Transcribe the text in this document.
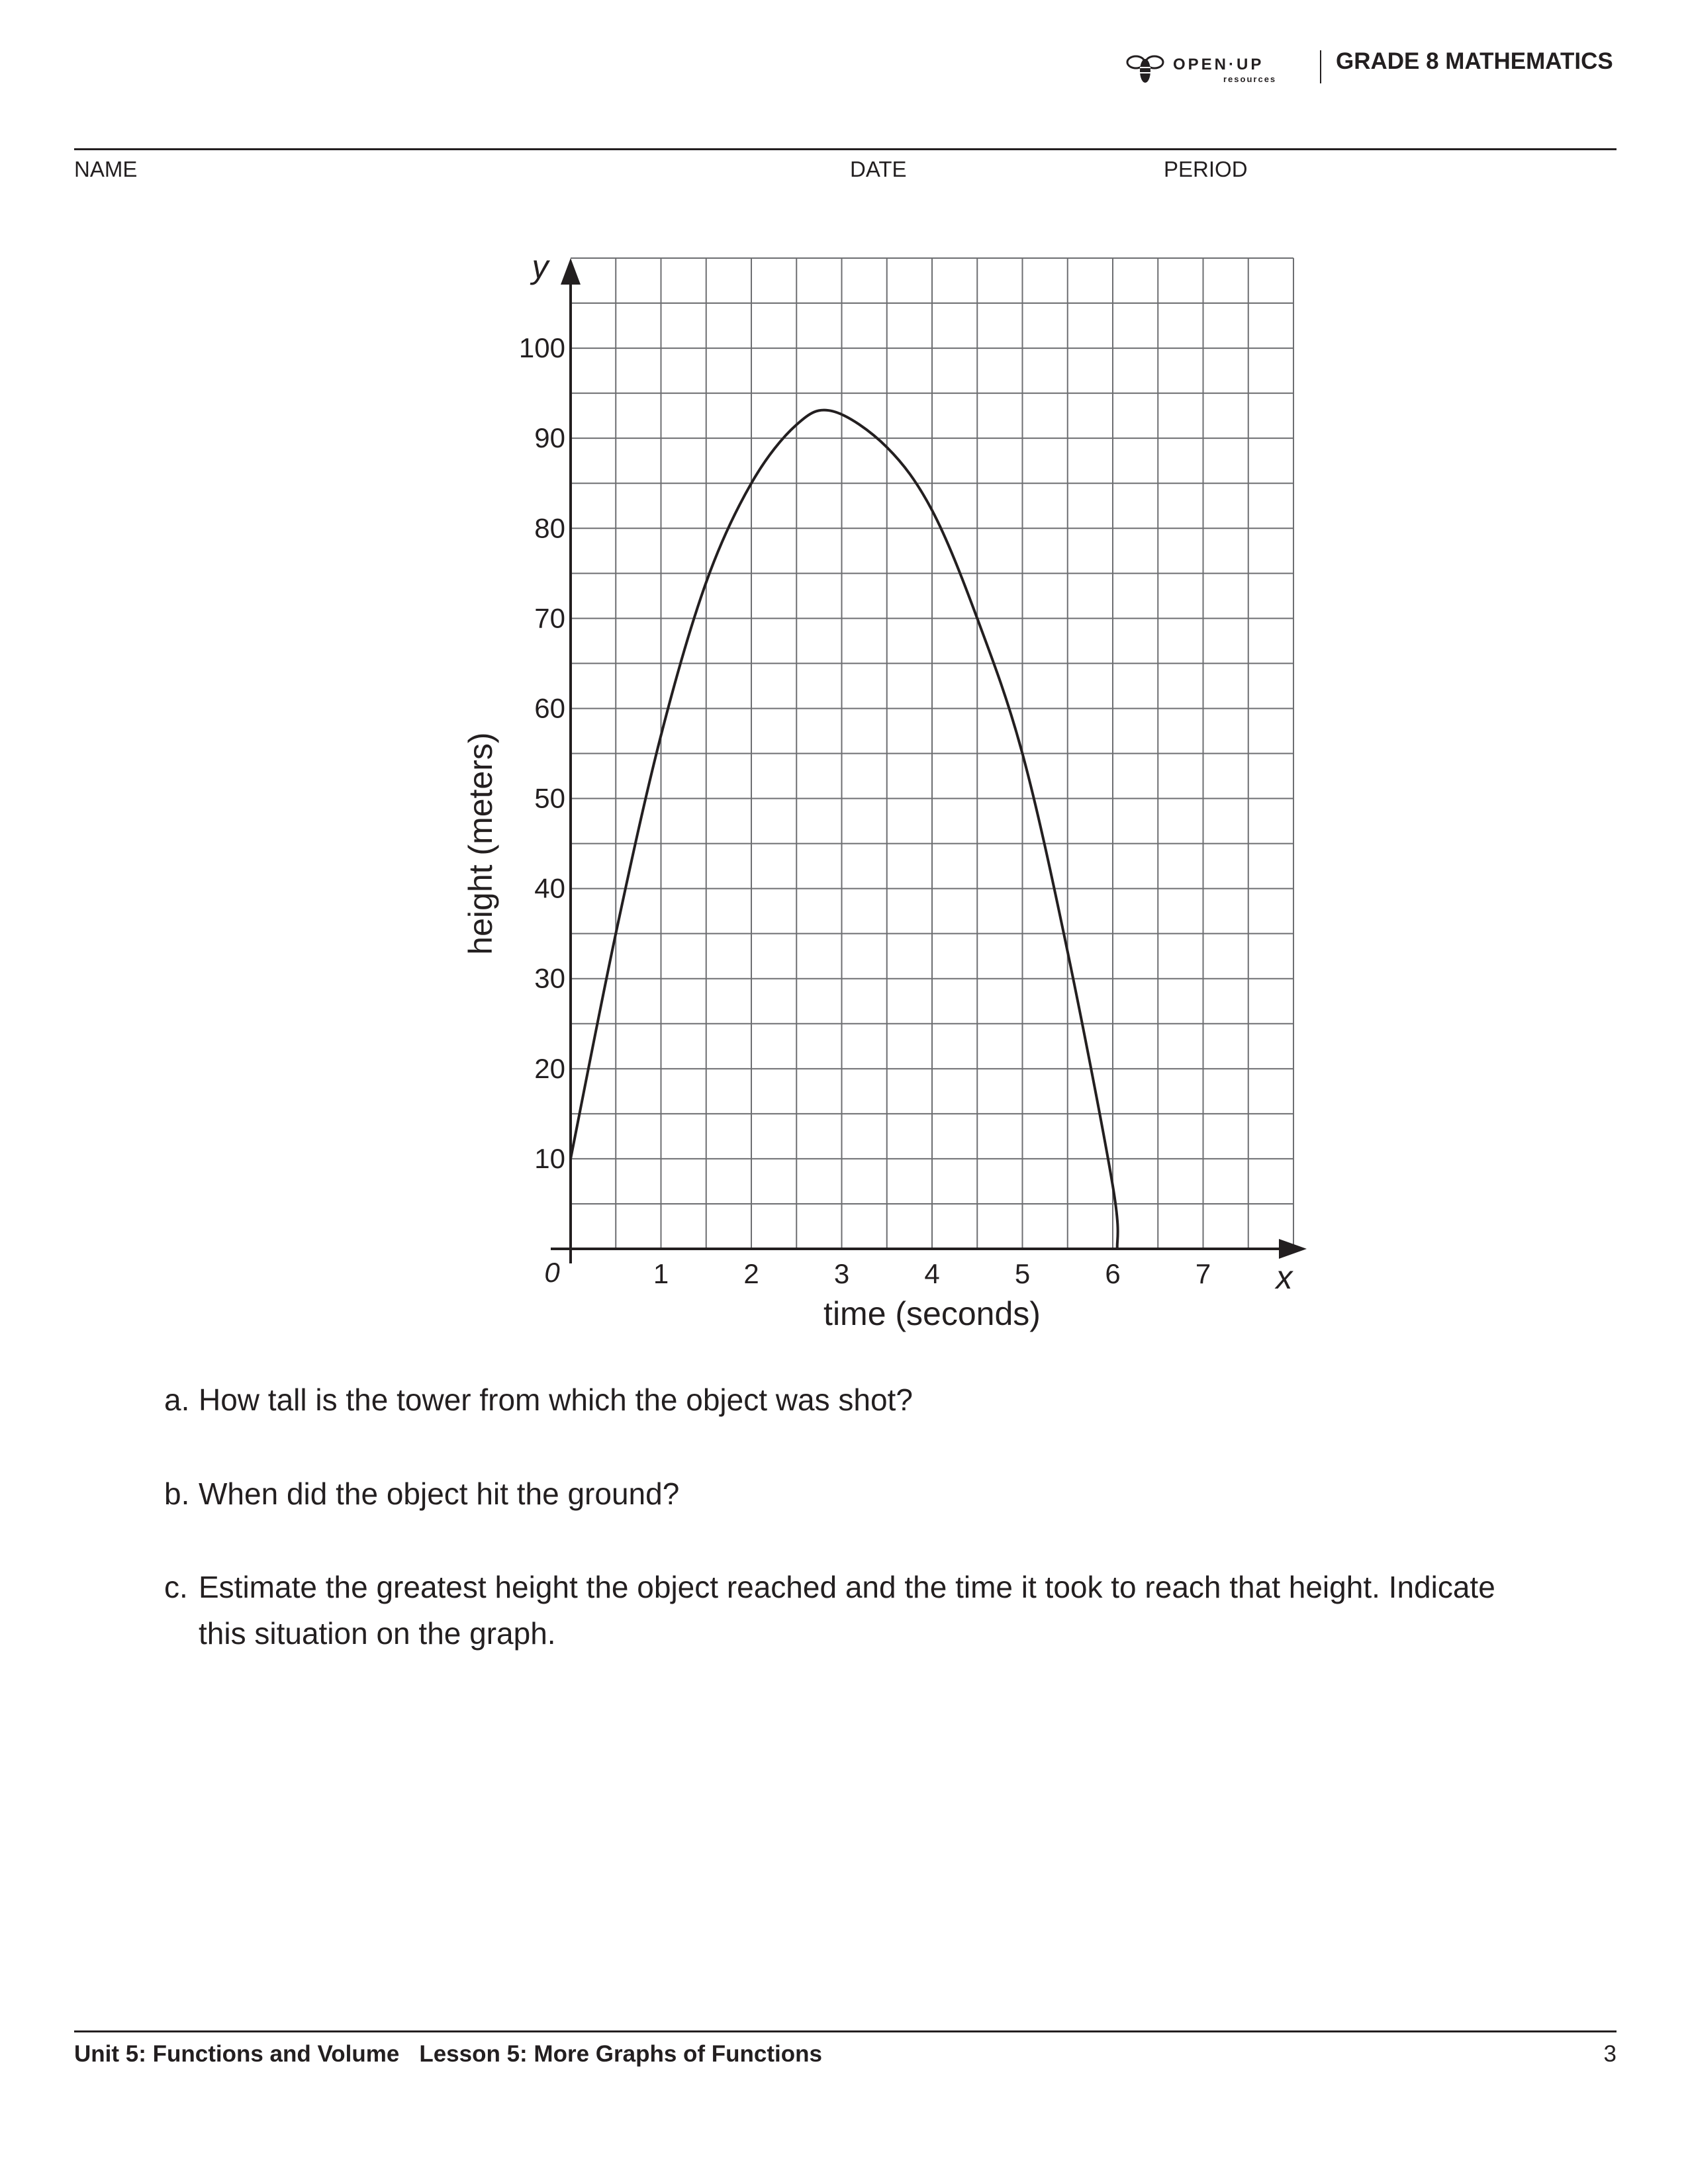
OPEN·UP
resources
GRADE 8 MATHEMATICS
NAME	DATE	PERIOD
1	2	3	4	5	6	7
10
20
30
40
50
60
70
80
90
100
0
y
x
time (seconds)
height (meters)
a. How tall is the tower from which the object was shot?
b. When did the object hit the ground?
c. Estimate the greatest height the object reached and the time it took to reach that height. Indicate
this situation on the graph.
Unit 5: Functions and Volume Lesson 5: More Graphs of Functions	3
